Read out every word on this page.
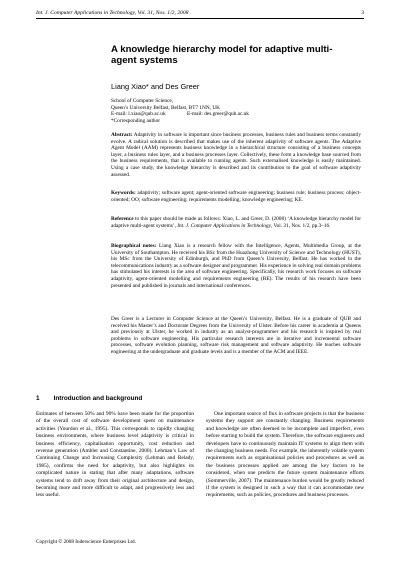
Int. J. Computer Applications in Technology, Vol. 31, Nos. 1/2, 2008	3
A knowledge hierarchy model for adaptive multi-agent systems
Liang Xiao* and Des Greer
School of Computer Science,
Queen’s University Belfast, Belfast, BT7 1NN, UK
E-mail: l.xiao@qub.ac.uk	E-mail: des.greer@qub.ac.uk
*Corresponding author
Abstract: Adaptivity in software is important since business processes, business rules and business terms constantly evolve. A radical solution is described that makes use of the inherent adaptivity of software agents. The Adaptive Agent Model (AAM) represents business knowledge in a hierarchical structure consisting of a business concepts layer, a business rules layer, and a business processes layer. Collectively, these form a knowledge base sourced from the business requirements, that is available to running agents. Such externalised knowledge is easily maintained. Using a case study, the knowledge hierarchy is described and its contribution to the goal of software adaptivity assessed.
Keywords: adaptivity; software agent; agent-oriented software engineering; business rule; business process; object-oriented; OO; software engineering; requirements modelling; knowledge engineering; KE.
Reference to this paper should be made as follows: Xiao, L. and Greer, D. (2008) ‘A knowledge hierarchy model for adaptive multi-agent systems’, Int. J. Computer Applications in Technology, Vol. 31, Nos. 1/2, pp.3–16.
Biographical notes: Liang Xiao is a research fellow with the Intelligence, Agents, Multimedia Group, at the University of Southampton. He received his BSc from the Huazhong University of Science and Technology (HUST), his MSc from the University of Edinburgh, and PhD from Queen’s University, Belfast. He has worked in the telecommunications industry as a software designer and programmer. His experience in solving real domain problems has stimulated his interests in the area of software engineering. Specifically, his research work focuses on software adaptivity, agent-oriented modelling and requirements engineering (RE). The results of his research have been presented and published in journals and international conferences.
Des Greer is a Lecturer in Computer Science at the Queen’s University, Belfast. He is a graduate of QUB and received his Master’s and Doctorate Degrees from the University of Ulster. Before his career in academia at Queens and previously at Ulster, he worked in industry as an analyst-programmer and his research is inspired by real problems in software engineering. His particular research interests are in iterative and incremental software processes, software evolution planning, software risk management and software adaptivity. He teaches software engineering at the undergraduate and graduate levels and is a member of the ACM and IEEE.
1 Introduction and background
Estimates of between 50% and 90% have been made for the proportion of the overall cost of software development spent on maintenance activities (Yourdon et al., 1995). This corresponds to rapidly changing business environments, where business level adaptivity is critical in business efficiency, capitalisation opportunity, cost reduction and revenue generation (Ambler and Constantine, 2000). Lehman’s Law of Continuing Change and Increasing Complexity (Lehman and Belady, 1985), confirms the need for adaptivity, but also highlights its complicated nature in stating that after many adaptations, software systems tend to drift away from their original architecture and design, becoming more and more difficult to adapt, and progressively less and less useful.
One important source of flux in software projects is that the business systems they support are constantly changing. Business requirements and knowledge are often deemed to be incomplete and imperfect, even before starting to build the system. Therefore, the software engineers and developers have to continuously maintain IT systems to align them with the changing business needs. For example, the inherently volatile system requirements such as organisational policies and procedures as well as the business processes applied are among the key factors to be considered, when one predicts the future system maintenance efforts (Sommerville, 2007). The maintenance burden would be greatly reduced if the system is designed in such a way that it can accommodate new requirements, such as policies, procedures and business processes.
Copyright © 2008 Inderscience Enterprises Ltd.
